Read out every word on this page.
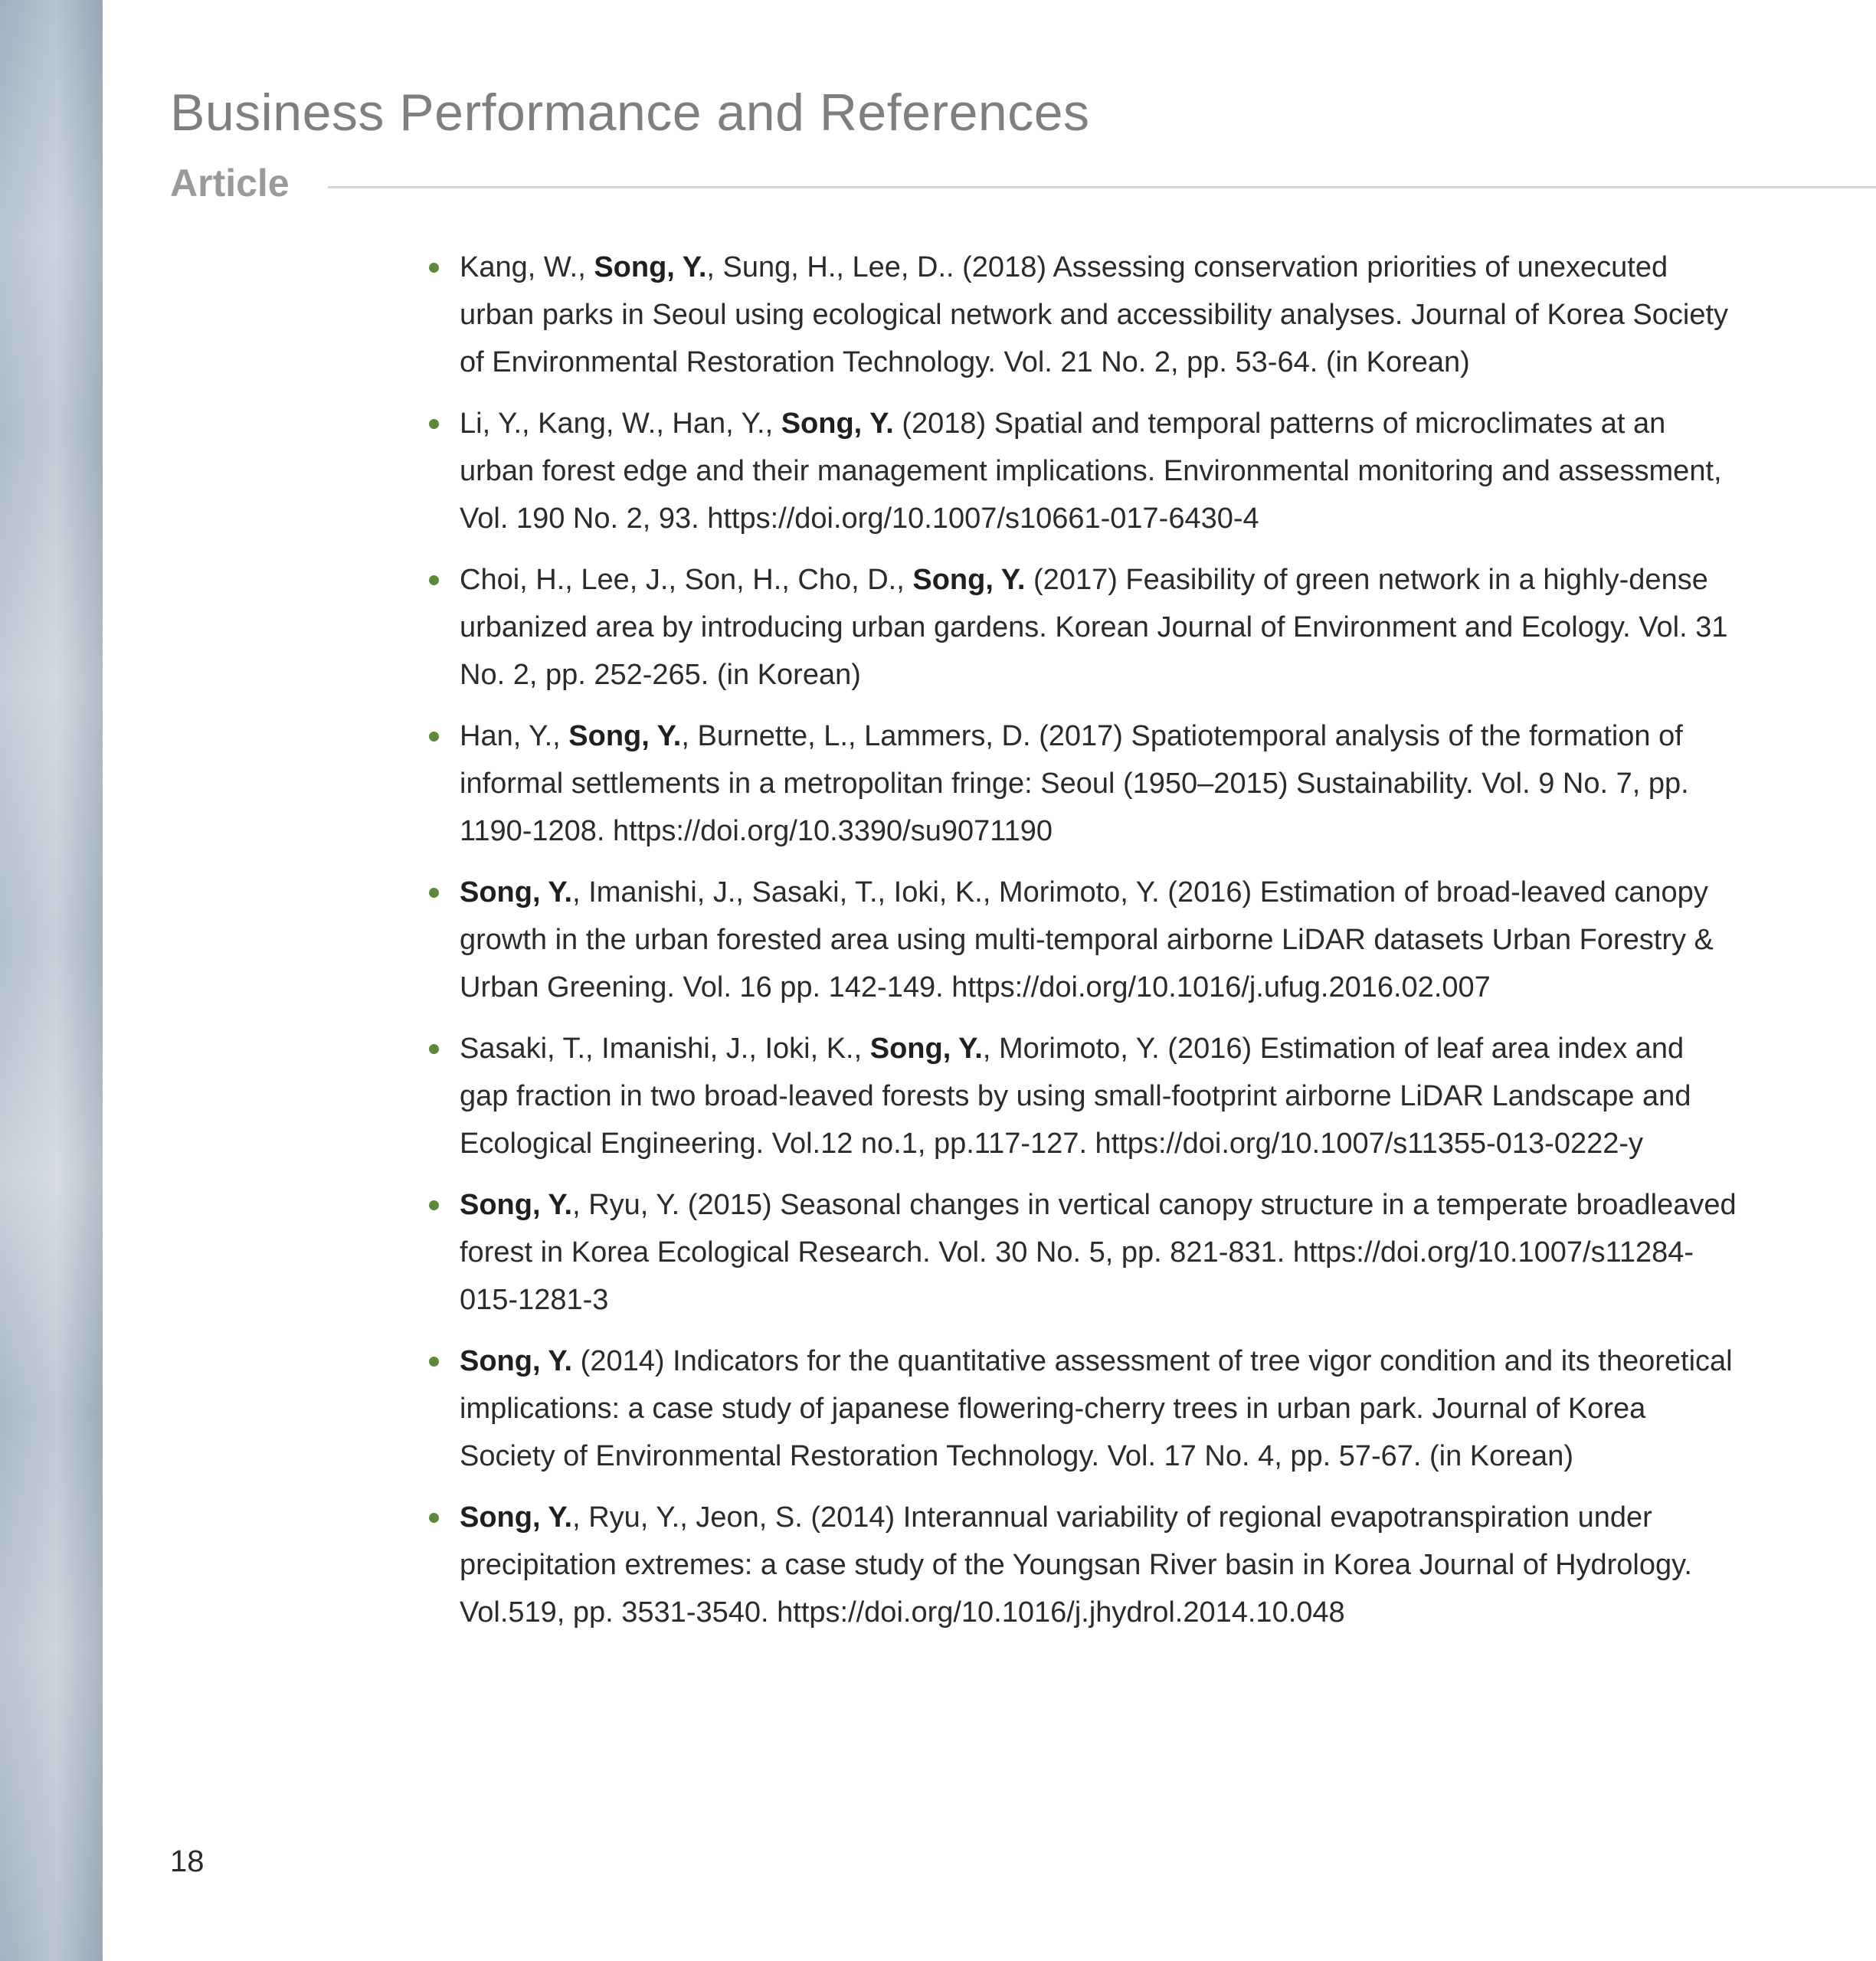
Business Performance and References
Article
Kang, W., Song, Y., Sung, H., Lee, D.. (2018) Assessing conservation priorities of unexecuted urban parks in Seoul using ecological network and accessibility analyses. Journal of Korea Society of Environmental Restoration Technology. Vol. 21 No. 2, pp. 53-64. (in Korean)
Li, Y., Kang, W., Han, Y., Song, Y. (2018) Spatial and temporal patterns of microclimates at an urban forest edge and their management implications. Environmental monitoring and assessment, Vol. 190 No. 2, 93. https://doi.org/10.1007/s10661-017-6430-4
Choi, H., Lee, J., Son, H., Cho, D., Song, Y. (2017) Feasibility of green network in a highly-dense urbanized area by introducing urban gardens. Korean Journal of Environment and Ecology. Vol. 31 No. 2, pp. 252-265. (in Korean)
Han, Y., Song, Y., Burnette, L., Lammers, D. (2017) Spatiotemporal analysis of the formation of informal settlements in a metropolitan fringe: Seoul (1950–2015) Sustainability. Vol. 9 No. 7, pp. 1190-1208. https://doi.org/10.3390/su9071190
Song, Y., Imanishi, J., Sasaki, T., Ioki, K., Morimoto, Y. (2016) Estimation of broad-leaved canopy growth in the urban forested area using multi-temporal airborne LiDAR datasets Urban Forestry & Urban Greening. Vol. 16 pp. 142-149. https://doi.org/10.1016/j.ufug.2016.02.007
Sasaki, T., Imanishi, J., Ioki, K., Song, Y., Morimoto, Y. (2016) Estimation of leaf area index and gap fraction in two broad-leaved forests by using small-footprint airborne LiDAR Landscape and Ecological Engineering. Vol.12 no.1, pp.117-127. https://doi.org/10.1007/s11355-013-0222-y
Song, Y., Ryu, Y. (2015) Seasonal changes in vertical canopy structure in a temperate broadleaved forest in Korea Ecological Research. Vol. 30 No. 5, pp. 821-831. https://doi.org/10.1007/s11284-015-1281-3
Song, Y. (2014) Indicators for the quantitative assessment of tree vigor condition and its theoretical implications: a case study of japanese flowering-cherry trees in urban park. Journal of Korea Society of Environmental Restoration Technology. Vol. 17 No. 4, pp. 57-67. (in Korean)
Song, Y., Ryu, Y., Jeon, S. (2014) Interannual variability of regional evapotranspiration under precipitation extremes: a case study of the Youngsan River basin in Korea Journal of Hydrology. Vol.519, pp. 3531-3540. https://doi.org/10.1016/j.jhydrol.2014.10.048
18
